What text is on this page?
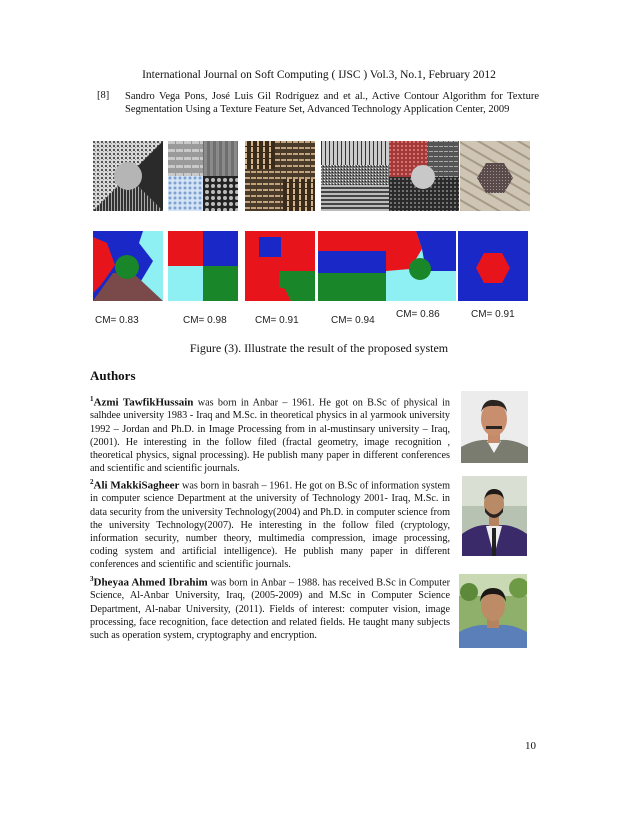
International Journal on Soft Computing ( IJSC ) Vol.3, No.1, February 2012
[8] Sandro Vega Pons, José Luis Gil Rodríguez and et al., Active Contour Algorithm for Texture Segmentation Using a Texture Feature Set, Advanced Technology Application Center, 2009
CM= 0.83	CM= 0.98	CM= 0.91	CM= 0.94
CM= 0.86	CM= 0.91
Figure (3). Illustrate the result of the proposed system
Authors
$^1$Azmi TawfikHussain was born in Anbar – 1961. He got on B.Sc of physical in salhdee university 1983 - Iraq and M.Sc. in theoretical physics in al yarmook university 1992 – Jordan and Ph.D. in Image Processing from in al-mustinsary university – Iraq, (2001). He interesting in the follow filed (fractal geometry, image recognition , theoretical physics, signal processing). He publish many paper in different conferences and scientific and scientific journals.
$^2$Ali MakkiSagheer was born in basrah – 1961. He got on B.Sc of information system in computer science Department at the university of Technology 2001- Iraq, M.Sc. in data security from the university Technology(2004) and Ph.D. in computer science from the university Technology(2007). He interesting in the follow filed (cryptology, information security, number theory, multimedia compression, image processing, coding system and artificial intelligence). He publish many paper in different conferences and scientific and scientific journals.
$^3$Dheyaa Ahmed Ibrahim was born in Anbar – 1988. has received B.Sc in Computer Science, Al-Anbar University, Iraq, (2005-2009) and M.Sc in Computer Science Department, Al-nabar University, (2011). Fields of interest: computer vision, image processing, face recognition, face detection and related fields. He taught many subjects such as operation system, cryptography and encryption.
10
